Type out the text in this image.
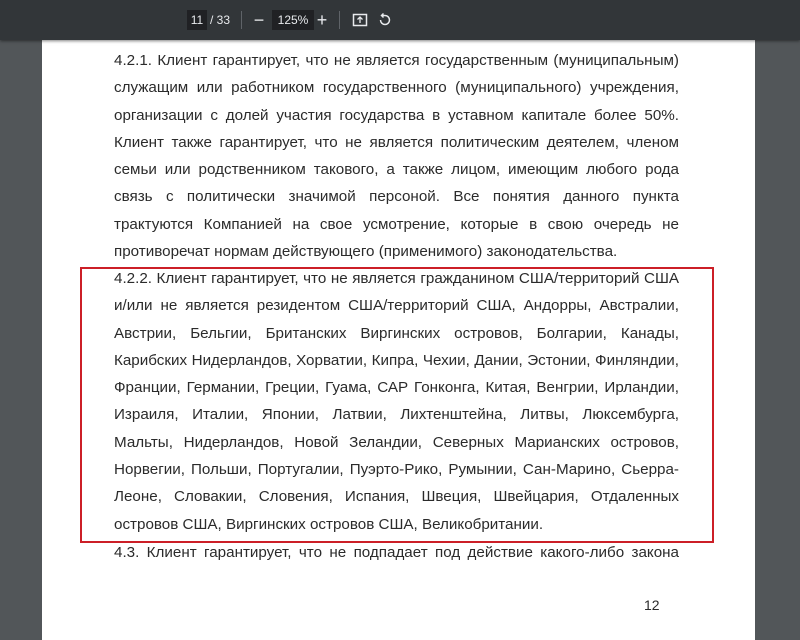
11 / 33 −	125% +
4.2.1. Клиент гарантирует, что не является государственным (муниципальным) служащим или работником государственного (муниципального) учреждения, организации с долей участия государства в уставном капитале более 50%. Клиент также гарантирует, что не является политическим деятелем, членом семьи или родственником такового, а также лицом, имеющим любого рода связь с политически значимой персоной. Все понятия данного пункта трактуются Компанией на свое усмотрение, которые в свою очередь не противоречат нормам действующего (применимого) законодательства.
4.2.2. Клиент гарантирует, что не является гражданином США/территорий США и/или не является резидентом США/территорий США, Андорры, Австралии, Австрии, Бельгии, Британских Виргинских островов, Болгарии, Канады, Карибских Нидерландов, Хорватии, Кипра, Чехии, Дании, Эстонии, Финляндии, Франции, Германии, Греции, Гуама, САР Гонконга, Китая, Венгрии, Ирландии, Израиля, Италии, Японии, Латвии, Лихтенштейна, Литвы, Люксембурга, Мальты, Нидерландов, Новой Зеландии, Северных Марианских островов, Норвегии, Польши, Португалии, Пуэрто-Рико, Румынии, Сан-Марино, Сьерра-Леоне, Словакии, Словения, Испания, Швеция, Швейцария, Отдаленных островов США, Виргинских островов США, Великобритании.
4.3. Клиент гарантирует, что не подпадает под действие какого-либо закона
12
